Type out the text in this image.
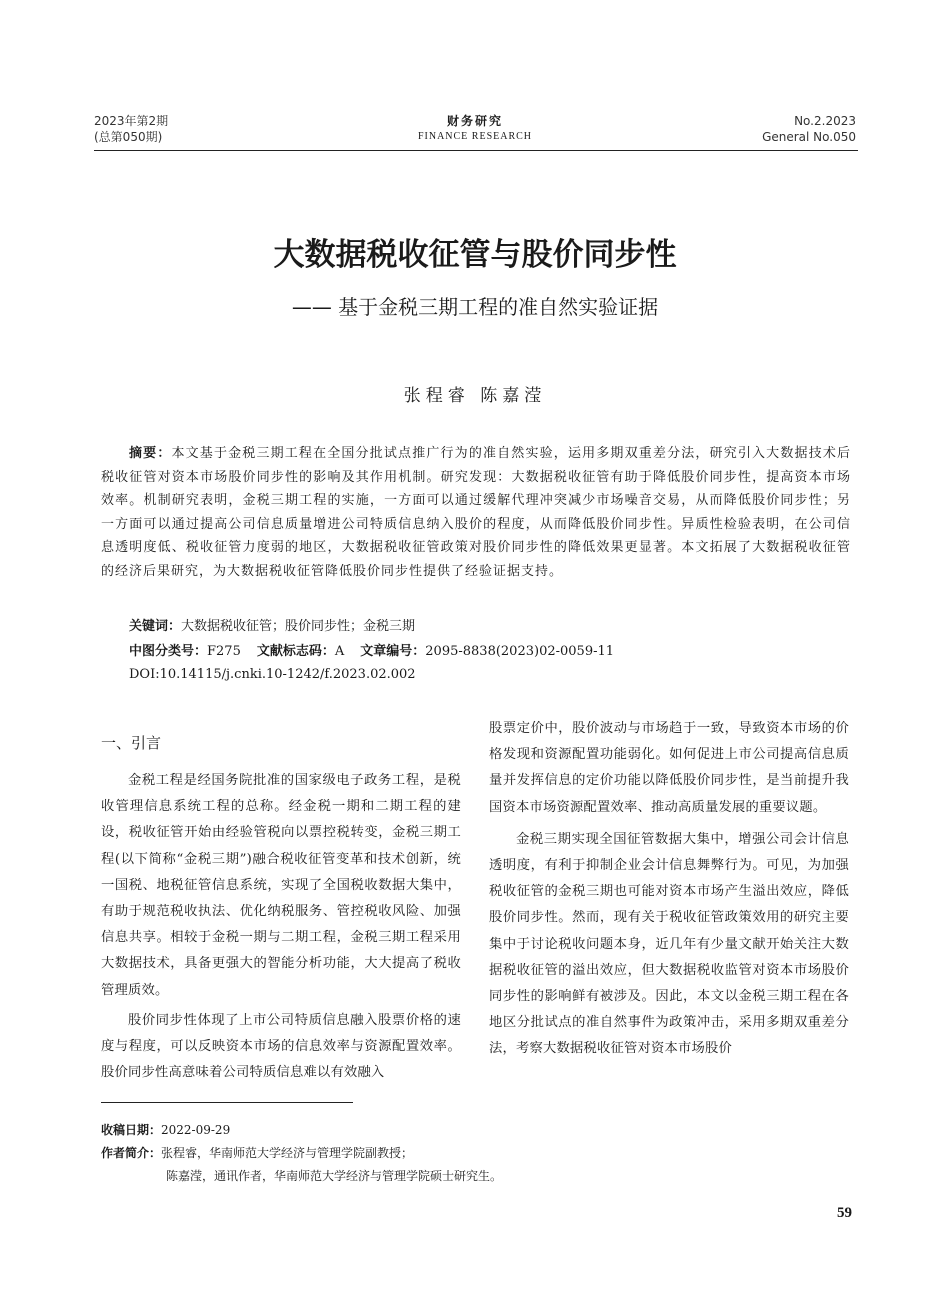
2023年第2期
(总第050期)
财务研究
FINANCE RESEARCH
No.2.2023
General No.050
大数据税收征管与股价同步性
—— 基于金税三期工程的准自然实验证据
张程睿 陈嘉滢

摘要：本文基于金税三期工程在全国分批试点推广行为的准自然实验，运用多期双重差分法，研究引入大数据技术后税收征管对资本市场股价同步性的影响及其作用机制。研究发现：大数据税收征管有助于降低股价同步性，提高资本市场效率。机制研究表明，金税三期工程的实施，一方面可以通过缓解代理冲突减少市场噪音交易，从而降低股价同步性；另一方面可以通过提高公司信息质量增进公司特质信息纳入股价的程度，从而降低股价同步性。异质性检验表明，在公司信息透明度低、税收征管力度弱的地区，大数据税收征管政策对股价同步性的降低效果更显著。本文拓展了大数据税收征管的经济后果研究，为大数据税收征管降低股价同步性提供了经验证据支持。

关键词：大数据税收征管；股价同步性；金税三期
中图分类号：F275 文献标志码：A 文章编号：2095-8838(2023)02-0059-11
DOI:10.14115/j.cnki.10-1242/f.2023.02.002
一、引言

金税工程是经国务院批准的国家级电子政务工程，是税收管理信息系统工程的总称。经金税一期和二期工程的建设，税收征管开始由经验管税向以票控税转变，金税三期工程(以下简称“金税三期”)融合税收征管变革和技术创新，统一国税、地税征管信息系统，实现了全国税收数据大集中，有助于规范税收执法、优化纳税服务、管控税收风险、加强信息共享。相较于金税一期与二期工程，金税三期工程采用大数据技术，具备更强大的智能分析功能，大大提高了税收管理质效。

股价同步性体现了上市公司特质信息融入股票价格的速度与程度，可以反映资本市场的信息效率与资源配置效率。股价同步性高意味着公司特质信息难以有效融入

股票定价中，股价波动与市场趋于一致，导致资本市场的价格发现和资源配置功能弱化。如何促进上市公司提高信息质量并发挥信息的定价功能以降低股价同步性，是当前提升我国资本市场资源配置效率、推动高质量发展的重要议题。

金税三期实现全国征管数据大集中，增强公司会计信息透明度，有利于抑制企业会计信息舞弊行为。可见，为加强税收征管的金税三期也可能对资本市场产生溢出效应，降低股价同步性。然而，现有关于税收征管政策效用的研究主要集中于讨论税收问题本身，近几年有少量文献开始关注大数据税收征管的溢出效应，但大数据税收监管对资本市场股价同步性的影响鲜有被涉及。因此，本文以金税三期工程在各地区分批试点的准自然事件为政策冲击，采用多期双重差分法，考察大数据税收征管对资本市场股价

收稿日期：2022-09-29
作者简介：张程睿，华南师范大学经济与管理学院副教授；
陈嘉滢，通讯作者，华南师范大学经济与管理学院硕士研究生。
59
